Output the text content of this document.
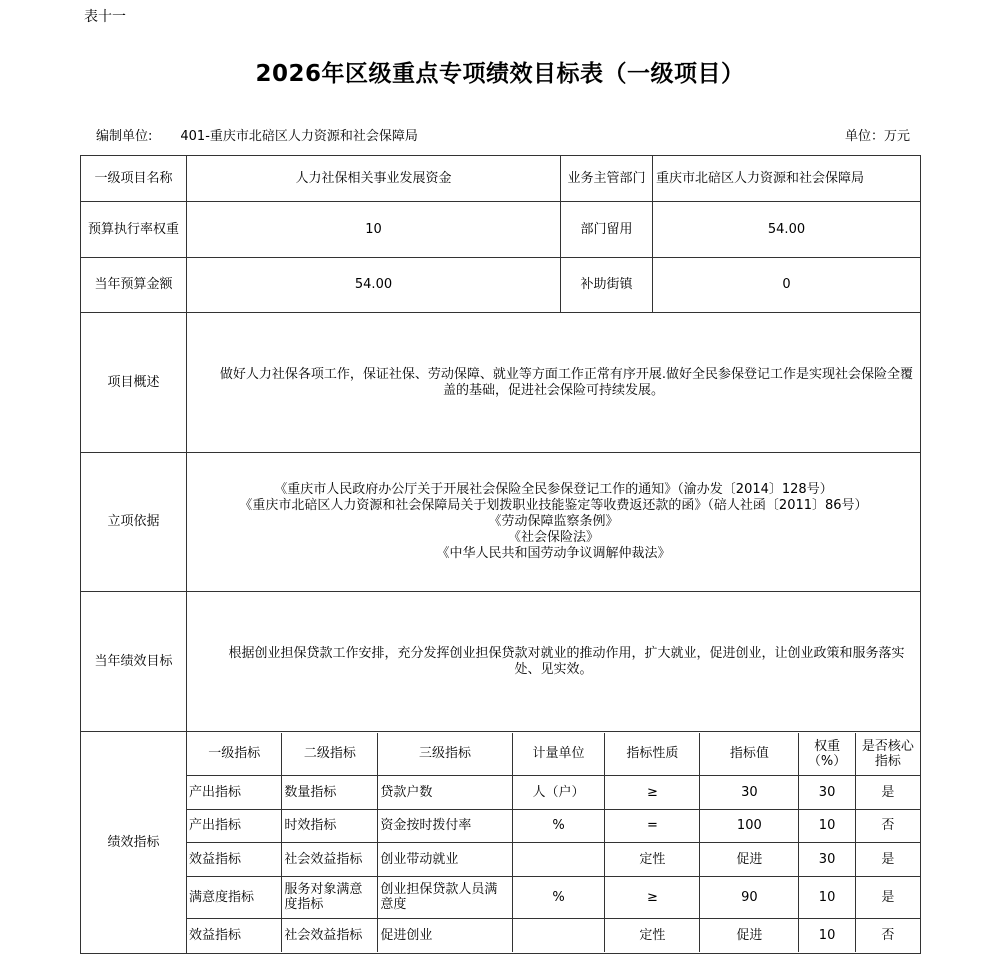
表十一
2026年区级重点专项绩效目标表（一级项目）
编制单位: 401-重庆市北碚区人力资源和社会保障局	单位：万元
一级项目名称	人力社保相关事业发展资金	业务主管部门	重庆市北碚区人力资源和社会保障局
预算执行率权重	10	部门留用	54.00
当年预算金额	54.00	补助街镇	0
项目概述	做好人力社保各项工作，保证社保、劳动保障、就业等方面工作正常有序开展.做好全民参保登记工作是实现社会保险全覆盖的基础，促进社会保险可持续发展。
立项依据	
《重庆市人民政府办公厅关于开展社会保险全民参保登记工作的通知》（渝办发〔2014〕128号）
《重庆市北碚区人力资源和社会保障局关于划拨职业技能鉴定等收费返还款的函》（碚人社函〔2011〕86号）
《劳动保障监察条例》
《社会保险法》
《中华人民共和国劳动争议调解仲裁法》

当年绩效目标	根据创业担保贷款工作安排，充分发挥创业担保贷款对就业的推动作用，扩大就业，促进创业，让创业政策和服务落实处、见实效。
绩效指标	
一级指标	二级指标	三级指标	计量单位	指标性质	指标值	权重（%）	是否核心指标
产出指标	数量指标	贷款户数	人（户）	≥	30	30	是
产出指标	时效指标	资金按时拨付率	%	=	100	10	否
效益指标	社会效益指标	创业带动就业		定性	促进	30	是
满意度指标	服务对象满意度指标	创业担保贷款人员满意度	%	≥	90	10	是
效益指标	社会效益指标	促进创业		定性	促进	10	否
